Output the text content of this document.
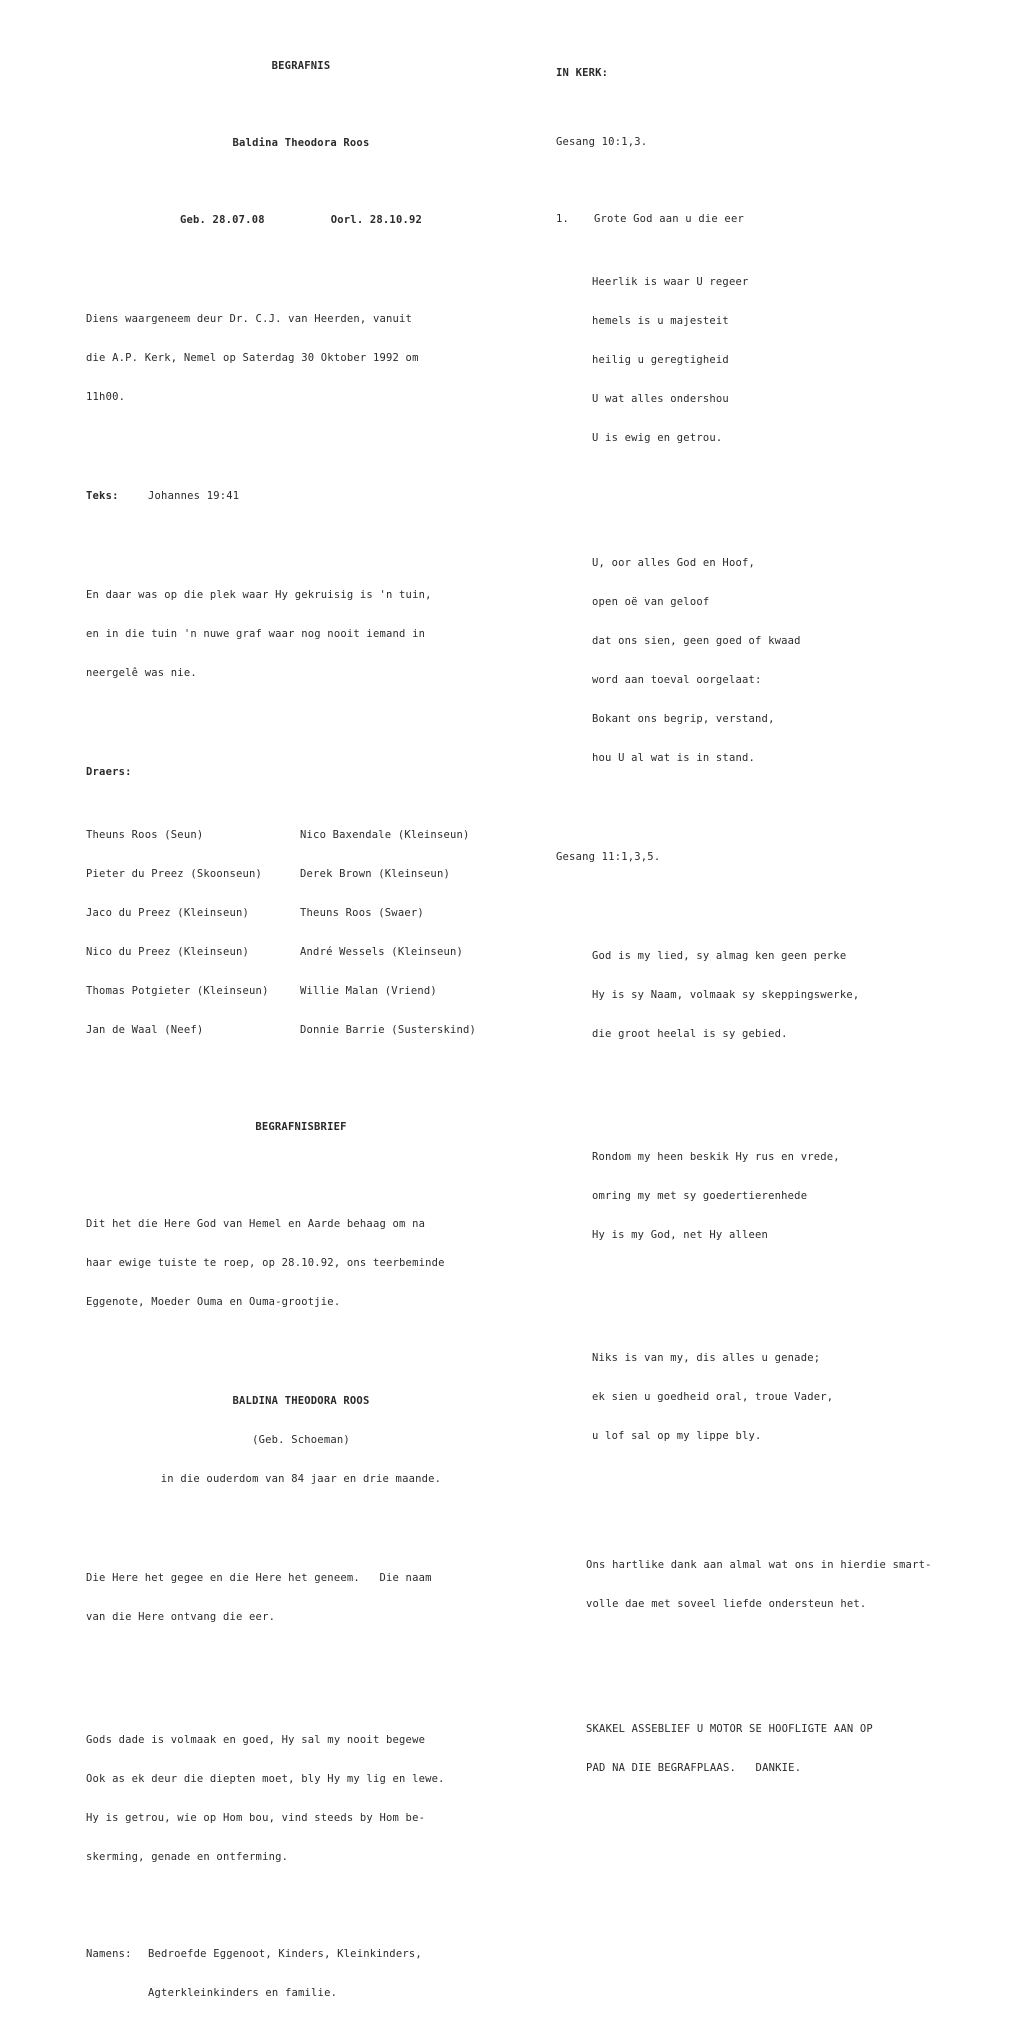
BEGRAFNIS

Baldina Theodora Roos

Geb. 28.07.08	Oorl. 28.10.92

Diens waargeneem deur Dr. C.J. van Heerden, vanuit

die A.P. Kerk, Nemel op Saterdag 30 Oktober 1992 om

11h00.

Teks:	Johannes 19:41

En daar was op die plek waar Hy gekruisig is 'n tuin,

en in die tuin 'n nuwe graf waar nog nooit iemand in

neergelê was nie.

Draers:

Theuns Roos (Seun)	Nico Baxendale (Kleinseun)

Pieter du Preez (Skoonseun)	Derek Brown (Kleinseun)

Jaco du Preez (Kleinseun)	Theuns Roos (Swaer)

Nico du Preez (Kleinseun)	André Wessels (Kleinseun)

Thomas Potgieter (Kleinseun)	Willie Malan (Vriend)

Jan de Waal (Neef)	Donnie Barrie (Susterskind)

BEGRAFNISBRIEF

Dit het die Here God van Hemel en Aarde behaag om na

haar ewige tuiste te roep, op 28.10.92, ons teerbeminde

Eggenote, Moeder Ouma en Ouma-grootjie.

BALDINA THEODORA ROOS

(Geb. Schoeman)

in die ouderdom van 84 jaar en drie maande.

Die Here het gegee en die Here het geneem.   Die naam

van die Here ontvang die eer.

Gods dade is volmaak en goed, Hy sal my nooit begewe

Ook as ek deur die diepten moet, bly Hy my lig en lewe.

Hy is getrou, wie op Hom bou, vind steeds by Hom be-

skerming, genade en ontferming.

Namens:	Bedroefde Eggenoot, Kinders, Kleinkinders,

Agterkleinkinders en familie.

IN KERK:

Gesang 10:1,3.

1.	Grote God aan u die eer

Heerlik is waar U regeer

hemels is u majesteit

heilig u geregtigheid

U wat alles ondershou

U is ewig en getrou.

U, oor alles God en Hoof,

open oë van geloof

dat ons sien, geen goed of kwaad

word aan toeval oorgelaat:

Bokant ons begrip, verstand,

hou U al wat is in stand.

Gesang 11:1,3,5.

God is my lied, sy almag ken geen perke

Hy is sy Naam, volmaak sy skeppingswerke,

die groot heelal is sy gebied.

Rondom my heen beskik Hy rus en vrede,

omring my met sy goedertierenhede

Hy is my God, net Hy alleen

Niks is van my, dis alles u genade;

ek sien u goedheid oral, troue Vader,

u lof sal op my lippe bly.

Ons hartlike dank aan almal wat ons in hierdie smart-

volle dae met soveel liefde ondersteun het.

SKAKEL ASSEBLIEF U MOTOR SE HOOFLIGTE AAN OP

PAD NA DIE BEGRAFPLAAS.   DANKIE.
